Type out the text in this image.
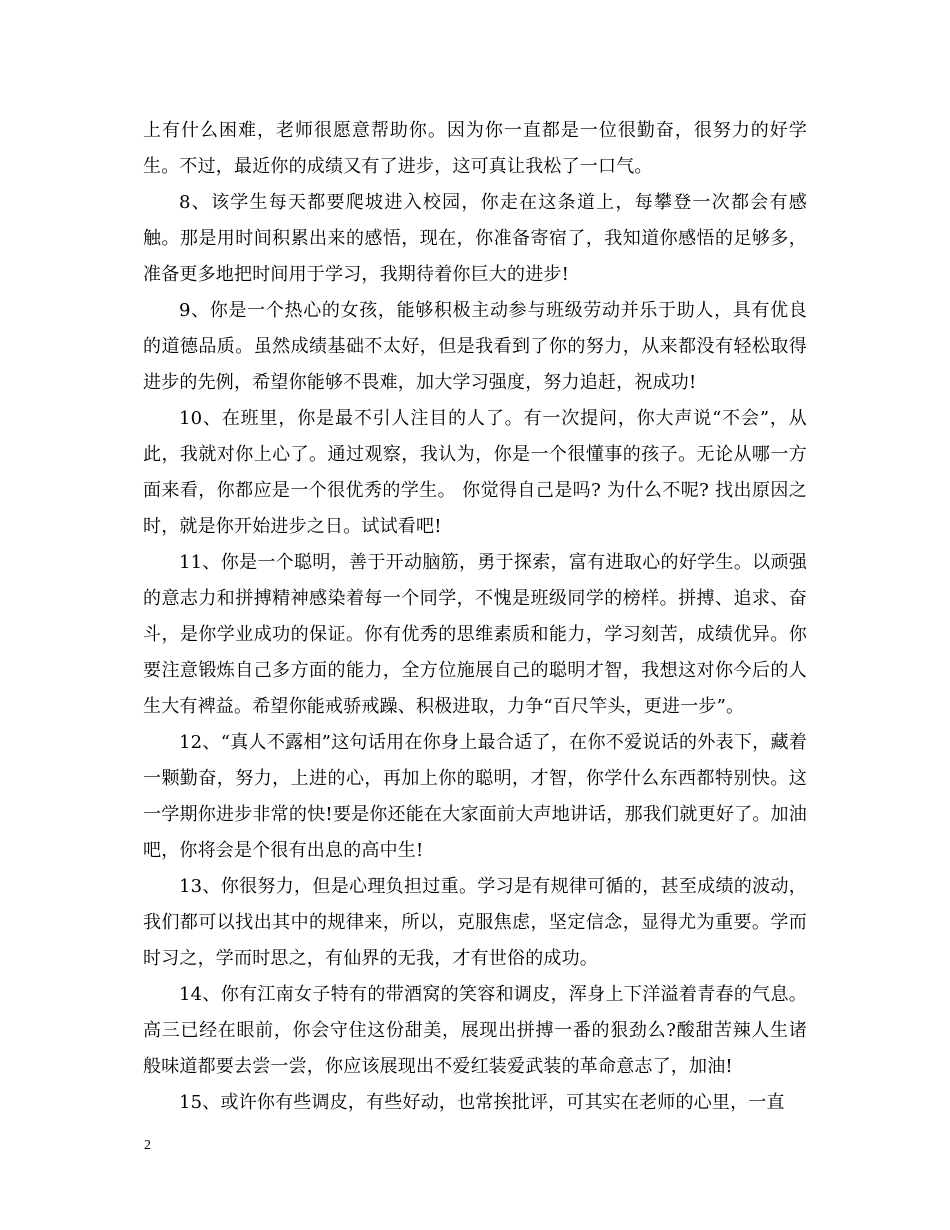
上有什么困难，老师很愿意帮助你。因为你一直都是一位很勤奋，很努力的好学生。不过，最近你的成绩又有了进步，这可真让我松了一口气。

8、该学生每天都要爬坡进入校园，你走在这条道上，每攀登一次都会有感触。那是用时间积累出来的感悟，现在，你准备寄宿了，我知道你感悟的足够多，准备更多地把时间用于学习，我期待着你巨大的进步!

9、你是一个热心的女孩，能够积极主动参与班级劳动并乐于助人，具有优良的道德品质。虽然成绩基础不太好，但是我看到了你的努力，从来都没有轻松取得进步的先例，希望你能够不畏难，加大学习强度，努力追赶，祝成功!

10、在班里，你是最不引人注目的人了。有一次提问，你大声说“不会”，从此，我就对你上心了。通过观察，我认为，你是一个很懂事的孩子。无论从哪一方面来看，你都应是一个很优秀的学生。 你觉得自己是吗? 为什么不呢? 找出原因之时，就是你开始进步之日。试试看吧!

11、你是一个聪明，善于开动脑筋，勇于探索，富有进取心的好学生。以顽强的意志力和拼搏精神感染着每一个同学，不愧是班级同学的榜样。拼搏、追求、奋斗，是你学业成功的保证。你有优秀的思维素质和能力，学习刻苦，成绩优异。你要注意锻炼自己多方面的能力，全方位施展自己的聪明才智，我想这对你今后的人生大有裨益。希望你能戒骄戒躁、积极进取，力争“百尺竿头，更进一步”。

12、“真人不露相”这句话用在你身上最合适了，在你不爱说话的外表下，藏着一颗勤奋，努力，上进的心，再加上你的聪明，才智，你学什么东西都特别快。这一学期你进步非常的快!要是你还能在大家面前大声地讲话，那我们就更好了。加油吧，你将会是个很有出息的高中生!

13、你很努力，但是心理负担过重。学习是有规律可循的，甚至成绩的波动，我们都可以找出其中的规律来，所以，克服焦虑，坚定信念，显得尤为重要。学而时习之，学而时思之，有仙界的无我，才有世俗的成功。

14、你有江南女子特有的带酒窝的笑容和调皮，浑身上下洋溢着青春的气息。高三已经在眼前，你会守住这份甜美，展现出拼搏一番的狠劲么?酸甜苦辣人生诸般味道都要去尝一尝，你应该展现出不爱红装爱武装的革命意志了，加油!

15、或许你有些调皮，有些好动，也常挨批评，可其实在老师的心里，一直

2
